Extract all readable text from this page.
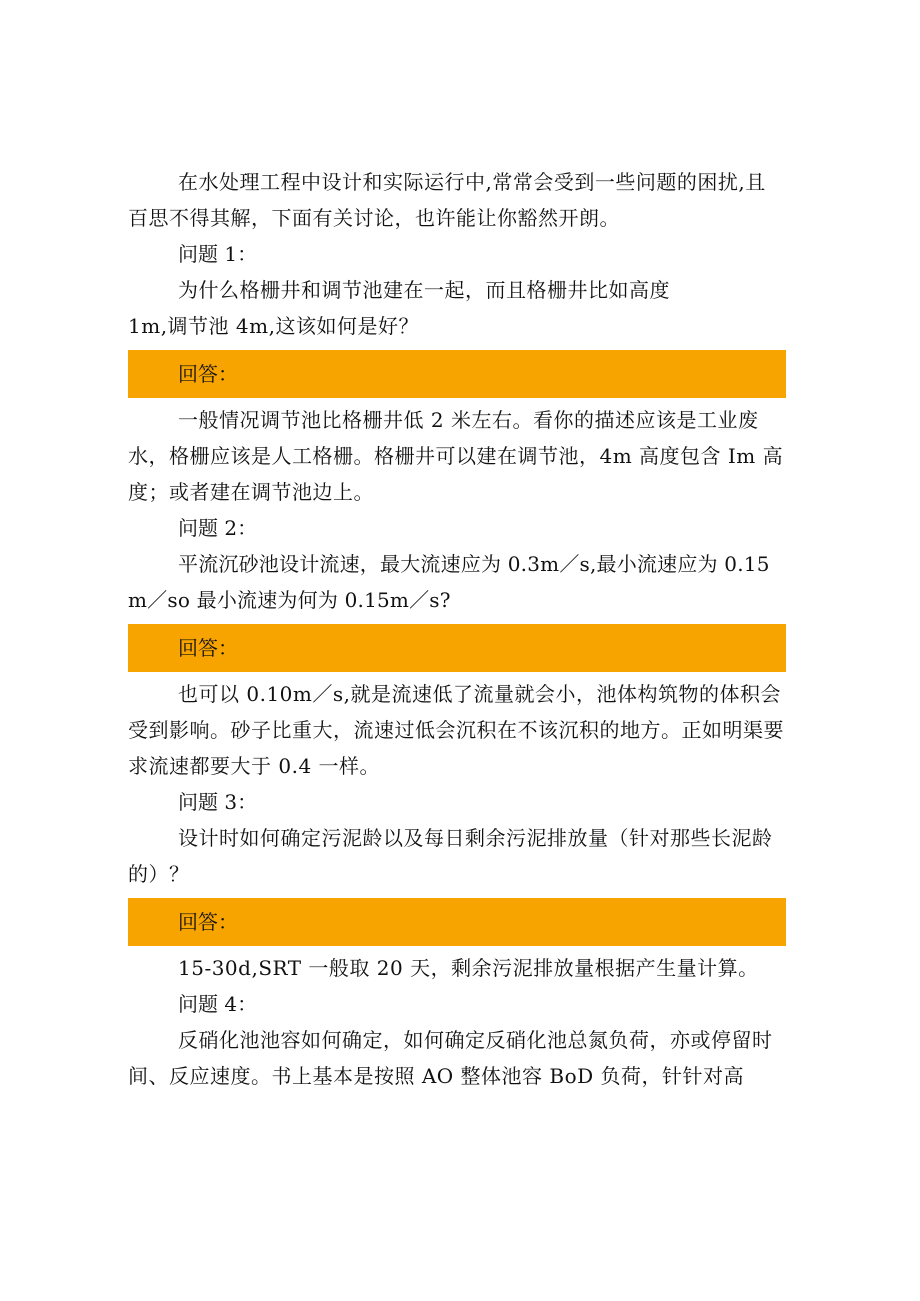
在水处理工程中设计和实际运行中,常常会受到一些问题的困扰,且百思不得其解，下面有关讨论，也许能让你豁然开朗。

问题 1：

为什么格栅井和调节池建在一起，而且格栅井比如高度

1m,调节池 4m,这该如何是好？

回答：

一般情况调节池比格栅井低 2 米左右。看你的描述应该是工业废水，格栅应该是人工格栅。格栅井可以建在调节池，4m 高度包含 Im 高度；或者建在调节池边上。

问题 2：

平流沉砂池设计流速，最大流速应为 0.3m／s,最小流速应为 0.15m／so 最小流速为何为 0.15m／s?

回答：

也可以 0.10m／s,就是流速低了流量就会小，池体构筑物的体积会受到影响。砂子比重大，流速过低会沉积在不该沉积的地方。正如明渠要求流速都要大于 0.4 一样。

问题 3：

设计时如何确定污泥龄以及每日剩余污泥排放量（针对那些长泥龄的）？

回答：

15-30d,SRT 一般取 20 天，剩余污泥排放量根据产生量计算。

问题 4：

反硝化池池容如何确定，如何确定反硝化池总氮负荷，亦或停留时间、反应速度。书上基本是按照 AO 整体池容 BoD 负荷，针针对高
